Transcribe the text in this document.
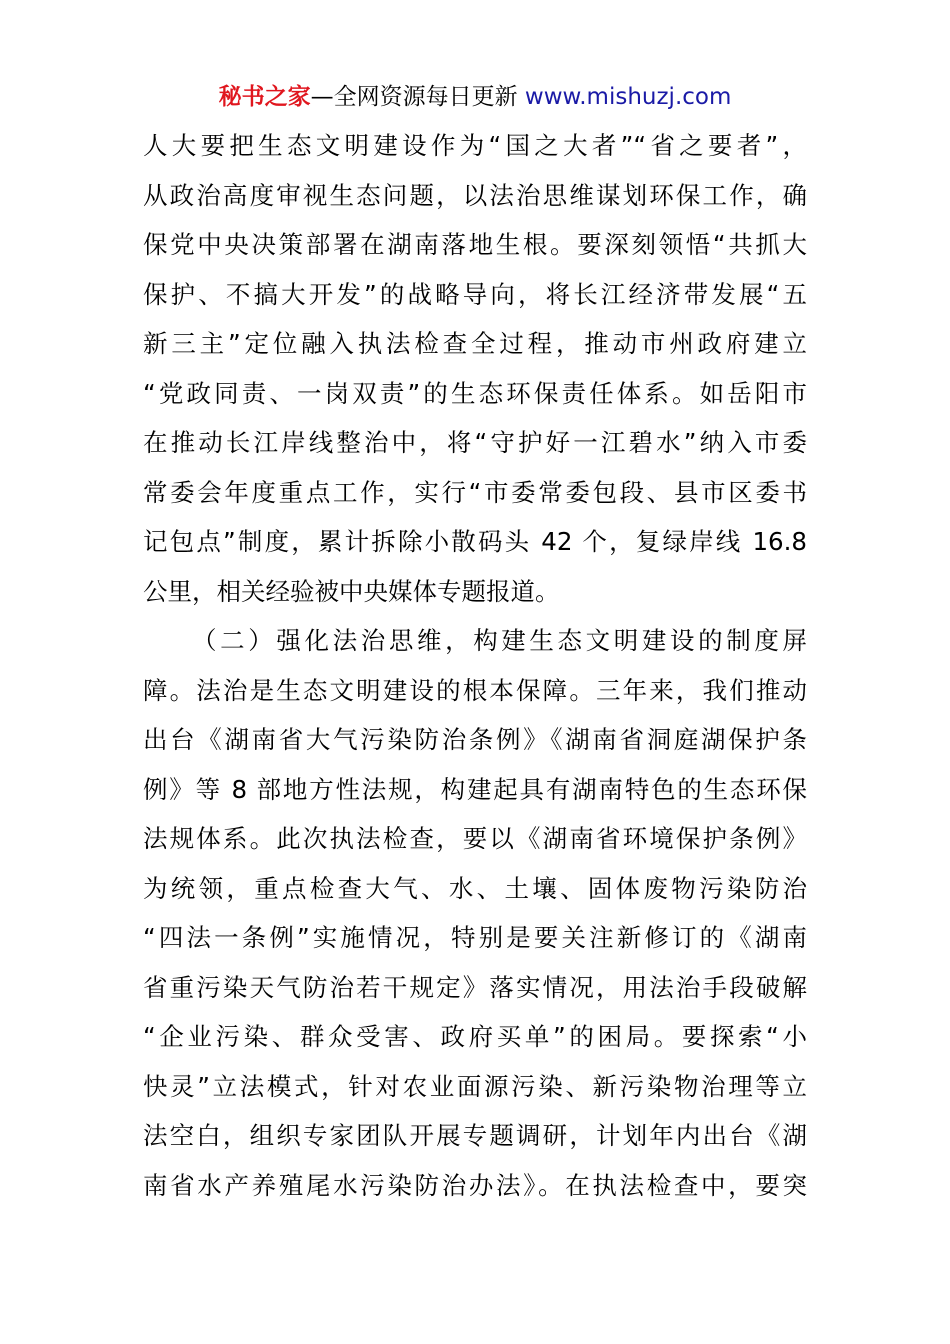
秘书之家—全网资源每日更新 www.mishuzj.com
人大要把生态文明建设作为“国之大者”“省之要者”，
从政治高度审视生态问题，以法治思维谋划环保工作，确
保党中央决策部署在湖南落地生根。要深刻领悟“共抓大
保护、不搞大开发”的战略导向，将长江经济带发展“五
新三主”定位融入执法检查全过程，推动市州政府建立
“党政同责、一岗双责”的生态环保责任体系。如岳阳市
在推动长江岸线整治中，将“守护好一江碧水”纳入市委
常委会年度重点工作，实行“市委常委包段、县市区委书
记包点”制度，累计拆除小散码头 42 个，复绿岸线 16.8
公里，相关经验被中央媒体专题报道。
（二）强化法治思维，构建生态文明建设的制度屏
障。法治是生态文明建设的根本保障。三年来，我们推动
出台《湖南省大气污染防治条例》《湖南省洞庭湖保护条
例》等 8 部地方性法规，构建起具有湖南特色的生态环保
法规体系。此次执法检查，要以《湖南省环境保护条例》
为统领，重点检查大气、水、土壤、固体废物污染防治
“四法一条例”实施情况，特别是要关注新修订的《湖南
省重污染天气防治若干规定》落实情况，用法治手段破解
“企业污染、群众受害、政府买单”的困局。要探索“小
快灵”立法模式，针对农业面源污染、新污染物治理等立
法空白，组织专家团队开展专题调研，计划年内出台《湖
南省水产养殖尾水污染防治办法》。在执法检查中，要突
